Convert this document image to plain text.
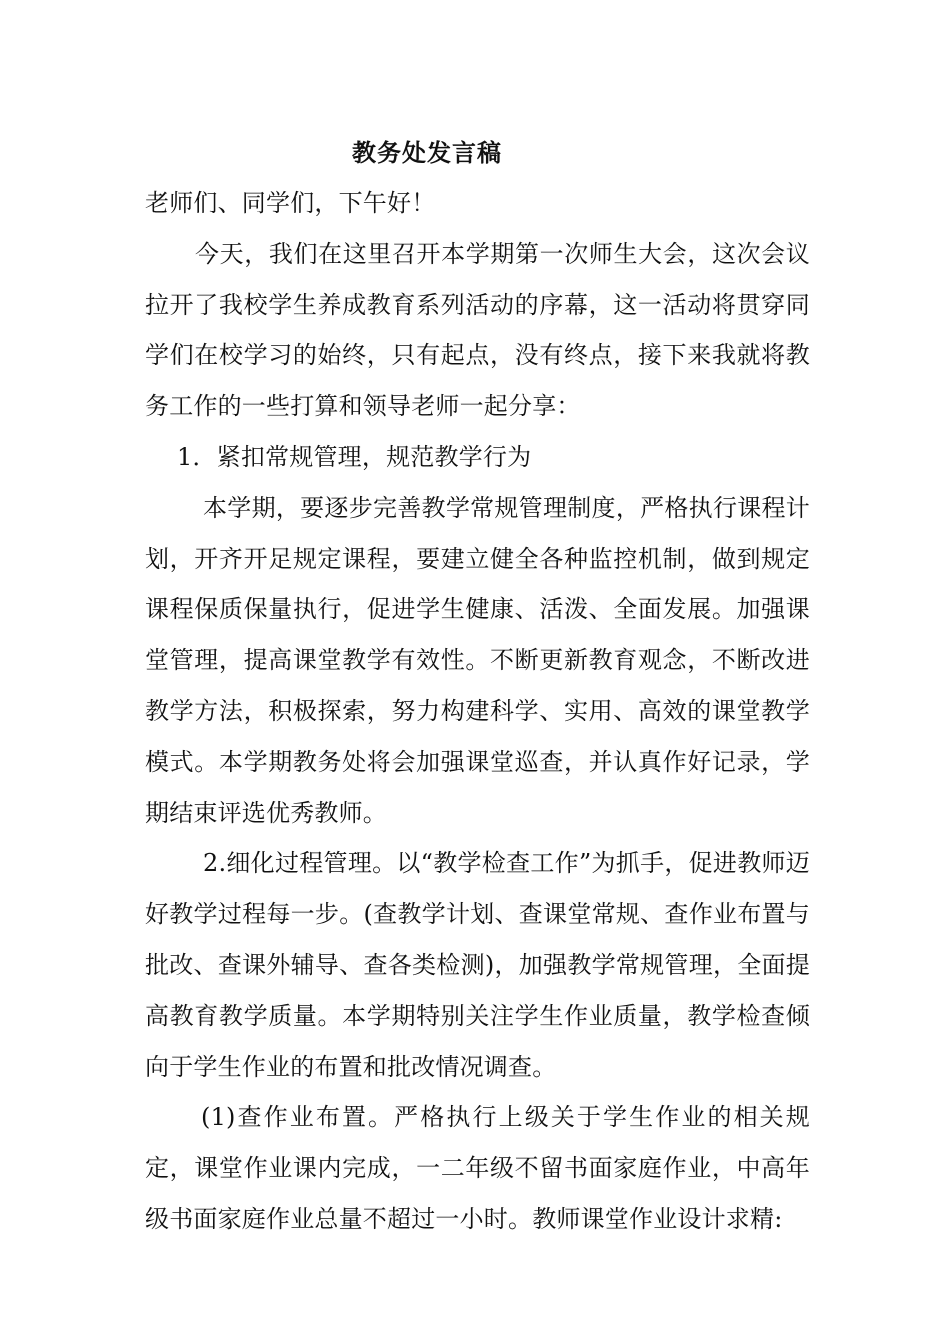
教务处发言稿

老师们、同学们，下午好！

今天，我们在这里召开本学期第一次师生大会，这次会议拉开了我校学生养成教育系列活动的序幕，这一活动将贯穿同学们在校学习的始终，只有起点，没有终点，接下来我就将教务工作的一些打算和领导老师一起分享：

1．紧扣常规管理，规范教学行为

本学期，要逐步完善教学常规管理制度，严格执行课程计划，开齐开足规定课程，要建立健全各种监控机制，做到规定课程保质保量执行，促进学生健康、活泼、全面发展。加强课堂管理，提高课堂教学有效性。不断更新教育观念，不断改进教学方法，积极探索，努力构建科学、实用、高效的课堂教学模式。本学期教务处将会加强课堂巡查，并认真作好记录，学期结束评选优秀教师。

2.细化过程管理。以“教学检查工作”为抓手，促进教师迈好教学过程每一步。(查教学计划、查课堂常规、查作业布置与批改、查课外辅导、查各类检测)，加强教学常规管理，全面提高教育教学质量。本学期特别关注学生作业质量，教学检查倾向于学生作业的布置和批改情况调查。

(1)查作业布置。严格执行上级关于学生作业的相关规定，课堂作业课内完成，一二年级不留书面家庭作业，中高年级书面家庭作业总量不超过一小时。教师课堂作业设计求精:
